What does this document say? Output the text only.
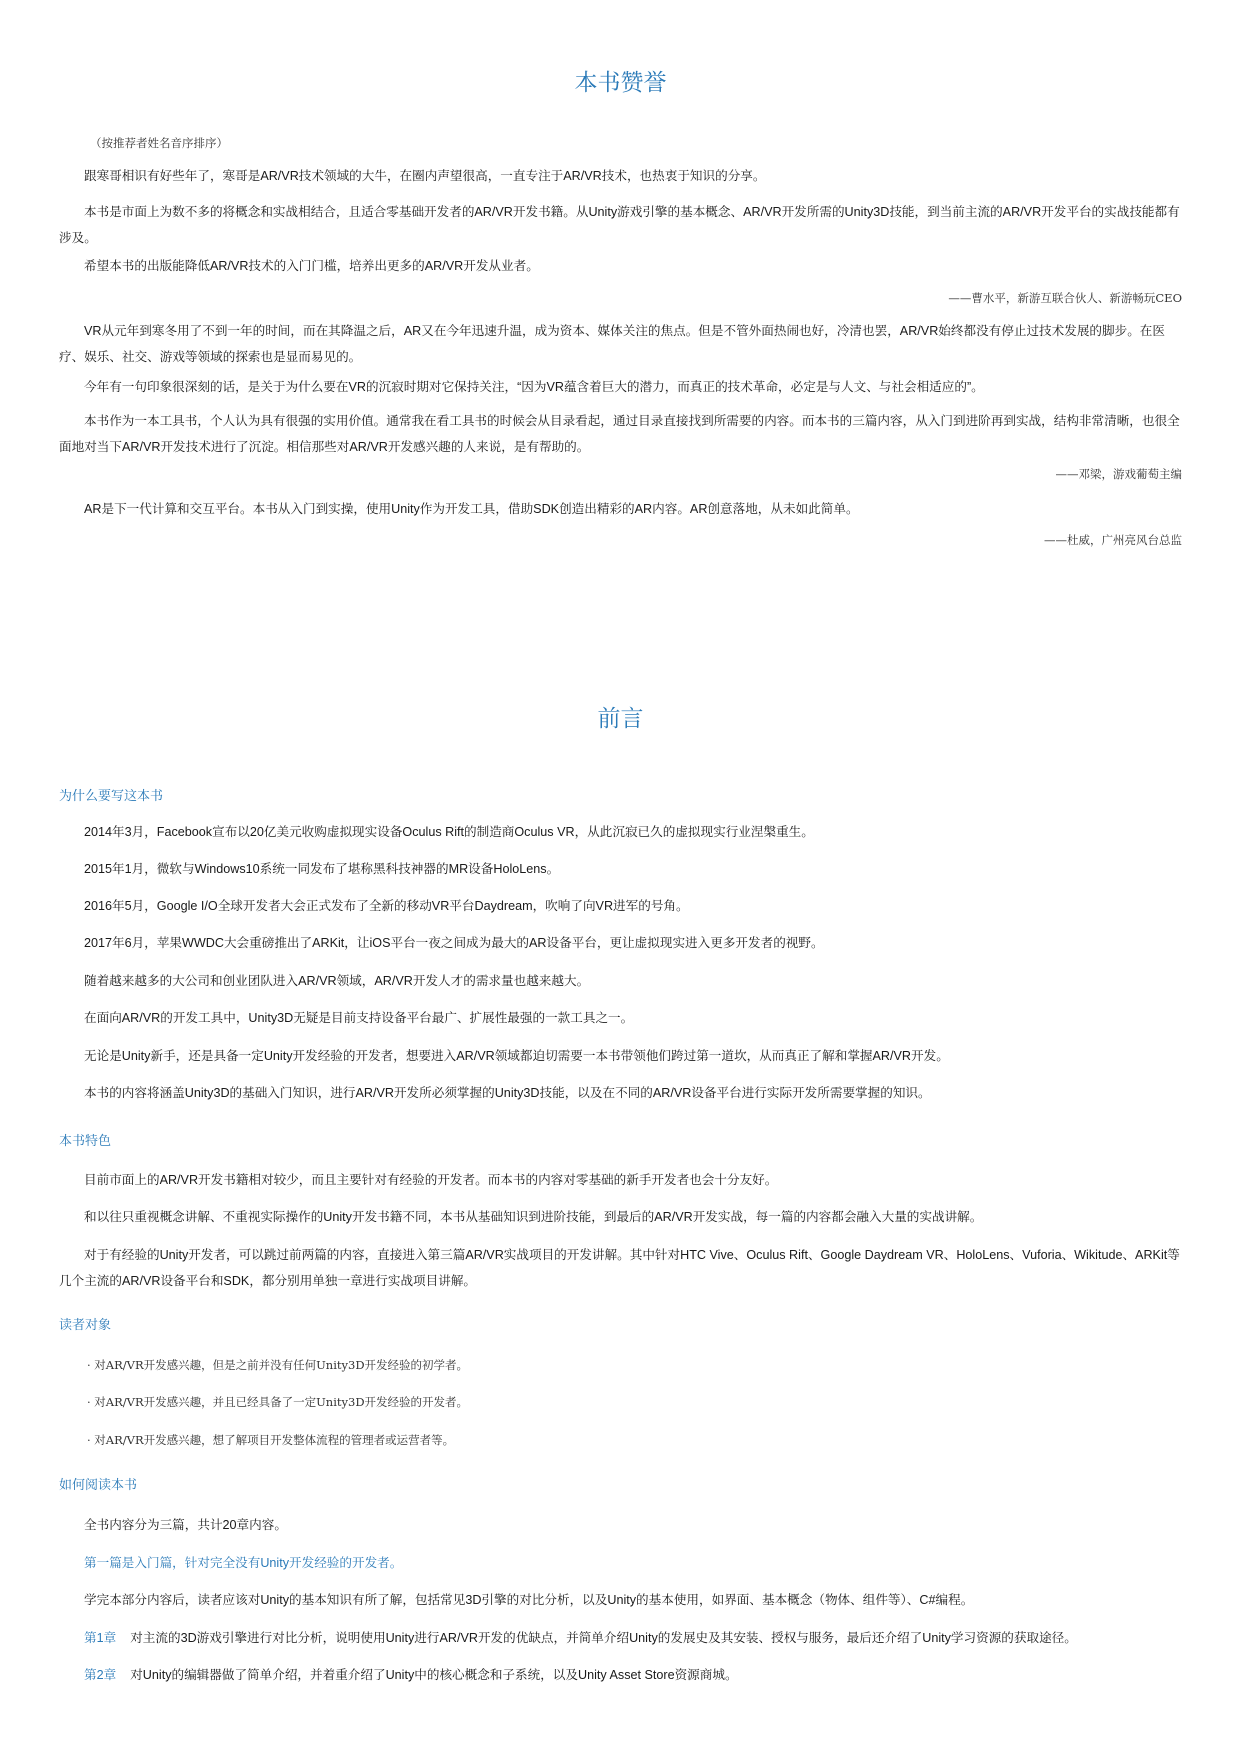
本书赞誉
（按推荐者姓名音序排序）

跟寒哥相识有好些年了，寒哥是AR/VR技术领域的大牛，在圈内声望很高，一直专注于AR/VR技术，也热衷于知识的分享。

本书是市面上为数不多的将概念和实战相结合，且适合零基础开发者的AR/VR开发书籍。从Unity游戏引擎的基本概念、AR/VR开发所需的Unity3D技能，到当前主流的AR/VR开发平台的实战技能都有涉及。

希望本书的出版能降低AR/VR技术的入门门槛，培养出更多的AR/VR开发从业者。

——曹水平，新游互联合伙人、新游畅玩CEO

VR从元年到寒冬用了不到一年的时间，而在其降温之后，AR又在今年迅速升温，成为资本、媒体关注的焦点。但是不管外面热闹也好，冷清也罢，AR/VR始终都没有停止过技术发展的脚步。在医疗、娱乐、社交、游戏等领域的探索也是显而易见的。

今年有一句印象很深刻的话，是关于为什么要在VR的沉寂时期对它保持关注，“因为VR蕴含着巨大的潜力，而真正的技术革命，必定是与人文、与社会相适应的”。

本书作为一本工具书，个人认为具有很强的实用价值。通常我在看工具书的时候会从目录看起，通过目录直接找到所需要的内容。而本书的三篇内容，从入门到进阶再到实战，结构非常清晰，也很全面地对当下AR/VR开发技术进行了沉淀。相信那些对AR/VR开发感兴趣的人来说，是有帮助的。

——邓梁，游戏葡萄主编

AR是下一代计算和交互平台。本书从入门到实操，使用Unity作为开发工具，借助SDK创造出精彩的AR内容。AR创意落地，从未如此简单。

——杜威，广州亮风台总监
前言
为什么要写这本书

2014年3月，Facebook宣布以20亿美元收购虚拟现实设备Oculus Rift的制造商Oculus VR，从此沉寂已久的虚拟现实行业涅槃重生。

2015年1月，微软与Windows10系统一同发布了堪称黑科技神器的MR设备HoloLens。

2016年5月，Google I/O全球开发者大会正式发布了全新的移动VR平台Daydream，吹响了向VR进军的号角。

2017年6月，苹果WWDC大会重磅推出了ARKit，让iOS平台一夜之间成为最大的AR设备平台，更让虚拟现实进入更多开发者的视野。

随着越来越多的大公司和创业团队进入AR/VR领域，AR/VR开发人才的需求量也越来越大。

在面向AR/VR的开发工具中，Unity3D无疑是目前支持设备平台最广、扩展性最强的一款工具之一。

无论是Unity新手，还是具备一定Unity开发经验的开发者，想要进入AR/VR领域都迫切需要一本书带领他们跨过第一道坎，从而真正了解和掌握AR/VR开发。

本书的内容将涵盖Unity3D的基础入门知识，进行AR/VR开发所必须掌握的Unity3D技能，以及在不同的AR/VR设备平台进行实际开发所需要掌握的知识。

本书特色

目前市面上的AR/VR开发书籍相对较少，而且主要针对有经验的开发者。而本书的内容对零基础的新手开发者也会十分友好。

和以往只重视概念讲解、不重视实际操作的Unity开发书籍不同，本书从基础知识到进阶技能，到最后的AR/VR开发实战，每一篇的内容都会融入大量的实战讲解。

对于有经验的Unity开发者，可以跳过前两篇的内容，直接进入第三篇AR/VR实战项目的开发讲解。其中针对HTC Vive、Oculus Rift、Google Daydream VR、HoloLens、Vuforia、Wikitude、ARKit等几个主流的AR/VR设备平台和SDK，都分别用单独一章进行实战项目讲解。

读者对象
· 对AR/VR开发感兴趣，但是之前并没有任何Unity3D开发经验的初学者。
· 对AR/VR开发感兴趣，并且已经具备了一定Unity3D开发经验的开发者。
· 对AR/VR开发感兴趣，想了解项目开发整体流程的管理者或运营者等。
如何阅读本书

全书内容分为三篇，共计20章内容。

第一篇是入门篇，针对完全没有Unity开发经验的开发者。

学完本部分内容后，读者应该对Unity的基本知识有所了解，包括常见3D引擎的对比分析，以及Unity的基本使用，如界面、基本概念（物体、组件等）、C#编程。

第1章 对主流的3D游戏引擎进行对比分析，说明使用Unity进行AR/VR开发的优缺点，并简单介绍Unity的发展史及其安装、授权与服务，最后还介绍了Unity学习资源的获取途径。
第2章 对Unity的编辑器做了简单介绍，并着重介绍了Unity中的核心概念和子系统，以及Unity Asset Store资源商城。
